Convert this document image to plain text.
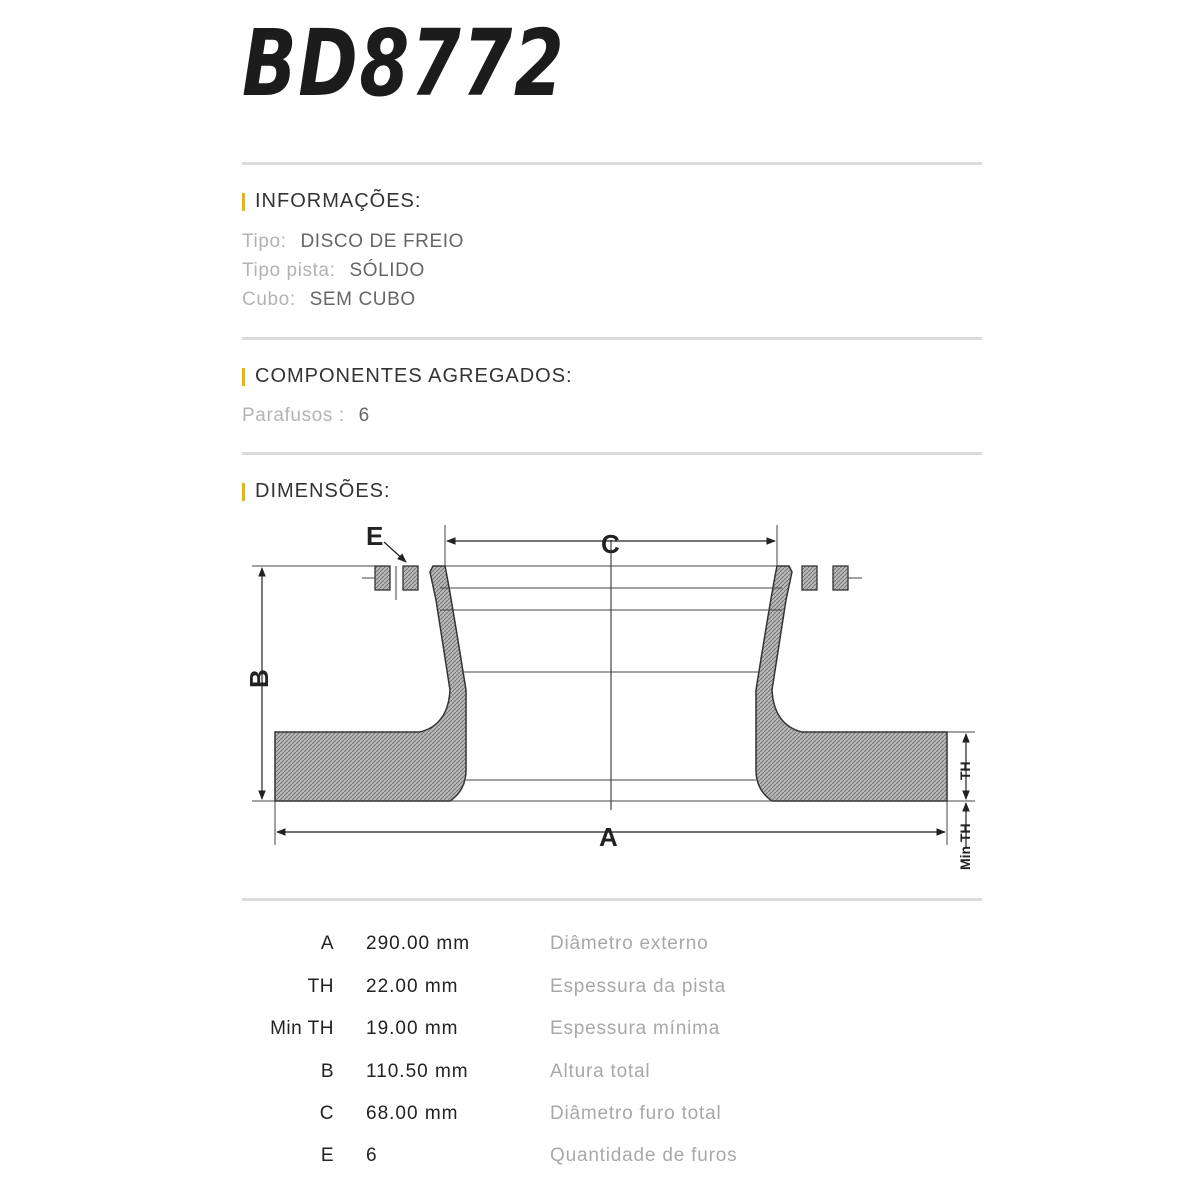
BD8772
INFORMAÇÕES:
Tipo: DISCO DE FREIO
Tipo pista: SÓLIDO
Cubo: SEM CUBO
COMPONENTES AGREGADOS:
Parafusos : 6
DIMENSÕES:
E	C
A
B
TH
Min TH
A 290.00 mm	Diâmetro externo
TH 22.00 mm	Espessura da pista
Min TH 19.00 mm	Espessura mínima
B 110.50 mm	Altura total
C 68.00 mm	Diâmetro furo total
E 6	Quantidade de furos
